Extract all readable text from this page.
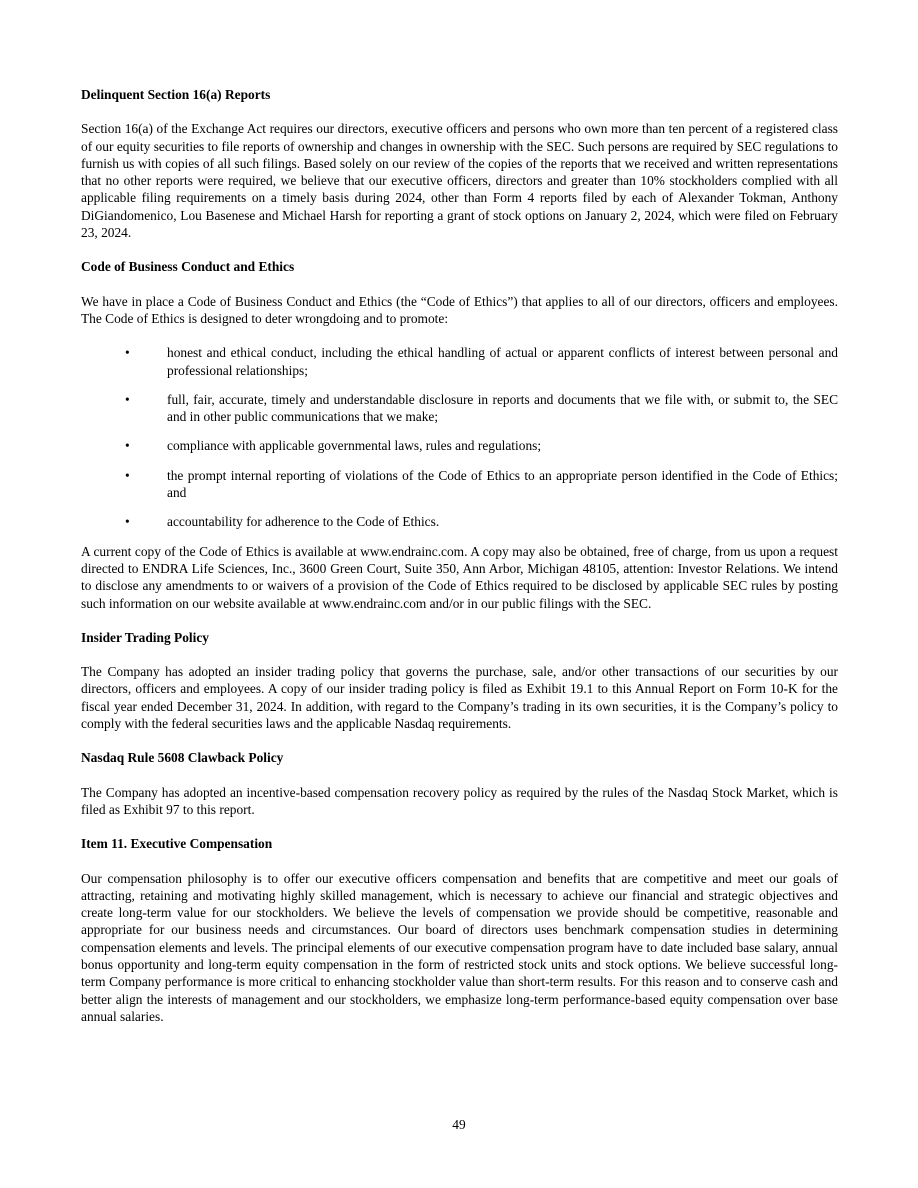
Delinquent Section 16(a) Reports

Section 16(a) of the Exchange Act requires our directors, executive officers and persons who own more than ten percent of a registered class of our equity securities to file reports of ownership and changes in ownership with the SEC. Such persons are required by SEC regulations to furnish us with copies of all such filings. Based solely on our review of the copies of the reports that we received and written representations that no other reports were required, we believe that our executive officers, directors and greater than 10% stockholders complied with all applicable filing requirements on a timely basis during 2024, other than Form 4 reports filed by each of Alexander Tokman, Anthony DiGiandomenico, Lou Basenese and Michael Harsh for reporting a grant of stock options on January 2, 2024, which were filed on February 23, 2024.

Code of Business Conduct and Ethics

We have in place a Code of Business Conduct and Ethics (the “Code of Ethics”) that applies to all of our directors, officers and employees. The Code of Ethics is designed to deter wrongdoing and to promote:

•	honest and ethical conduct, including the ethical handling of actual or apparent conflicts of interest between personal and professional relationships;
•	full, fair, accurate, timely and understandable disclosure in reports and documents that we file with, or submit to, the SEC and in other public communications that we make;
•	compliance with applicable governmental laws, rules and regulations;
•	the prompt internal reporting of violations of the Code of Ethics to an appropriate person identified in the Code of Ethics; and
•	accountability for adherence to the Code of Ethics.

A current copy of the Code of Ethics is available at www.endrainc.com. A copy may also be obtained, free of charge, from us upon a request directed to ENDRA Life Sciences, Inc., 3600 Green Court, Suite 350, Ann Arbor, Michigan 48105, attention: Investor Relations. We intend to disclose any amendments to or waivers of a provision of the Code of Ethics required to be disclosed by applicable SEC rules by posting such information on our website available at www.endrainc.com and/or in our public filings with the SEC.

Insider Trading Policy

The Company has adopted an insider trading policy that governs the purchase, sale, and/or other transactions of our securities by our directors, officers and employees. A copy of our insider trading policy is filed as Exhibit 19.1 to this Annual Report on Form 10-K for the fiscal year ended December 31, 2024. In addition, with regard to the Company’s trading in its own securities, it is the Company’s policy to comply with the federal securities laws and the applicable Nasdaq requirements.

Nasdaq Rule 5608 Clawback Policy

The Company has adopted an incentive-based compensation recovery policy as required by the rules of the Nasdaq Stock Market, which is filed as Exhibit 97 to this report.

Item 11. Executive Compensation

Our compensation philosophy is to offer our executive officers compensation and benefits that are competitive and meet our goals of attracting, retaining and motivating highly skilled management, which is necessary to achieve our financial and strategic objectives and create long-term value for our stockholders. We believe the levels of compensation we provide should be competitive, reasonable and appropriate for our business needs and circumstances. Our board of directors uses benchmark compensation studies in determining compensation elements and levels. The principal elements of our executive compensation program have to date included base salary, annual bonus opportunity and long-term equity compensation in the form of restricted stock units and stock options. We believe successful long-term Company performance is more critical to enhancing stockholder value than short-term results. For this reason and to conserve cash and better align the interests of management and our stockholders, we emphasize long-term performance-based equity compensation over base annual salaries.

49
